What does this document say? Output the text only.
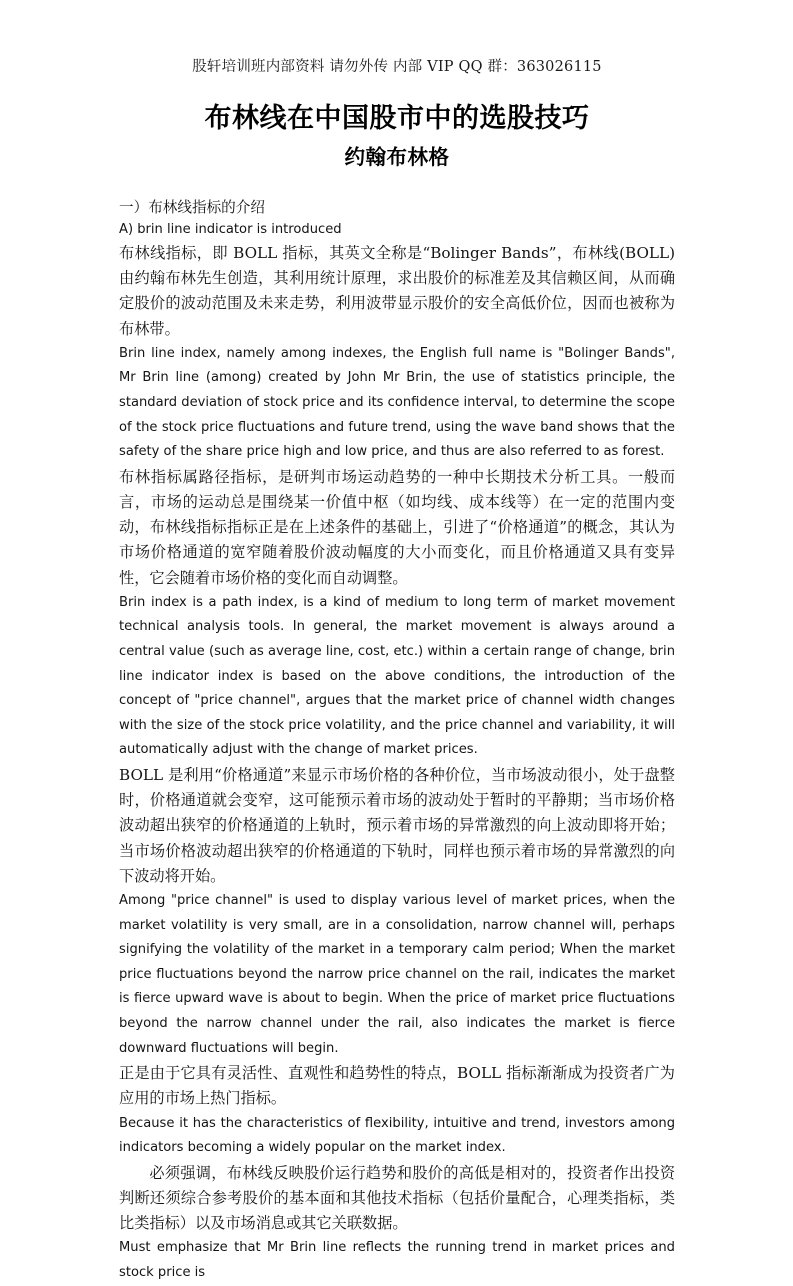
股轩培训班内部资料 请勿外传 内部 VIP QQ 群：363026115
布林线在中国股市中的选股技巧
约翰布林格

一）布林线指标的介绍

A) brin line indicator is introduced

布林线指标，即 BOLL 指标，其英文全称是“Bolinger Bands”，布林线(BOLL)由约翰布林先生创造，其利用统计原理，求出股价的标准差及其信赖区间，从而确定股价的波动范围及未来走势，利用波带显示股价的安全高低价位，因而也被称为布林带。

Brin line index, namely among indexes, the English full name is "Bolinger Bands", Mr Brin line (among) created by John Mr Brin, the use of statistics principle, the standard deviation of stock price and its confidence interval, to determine the scope of the stock price fluctuations and future trend, using the wave band shows that the safety of the share price high and low price, and thus are also referred to as forest.

布林指标属路径指标，是研判市场运动趋势的一种中长期技术分析工具。一般而言，市场的运动总是围绕某一价值中枢（如均线、成本线等）在一定的范围内变动，布林线指标指标正是在上述条件的基础上，引进了“价格通道”的概念，其认为市场价格通道的宽窄随着股价波动幅度的大小而变化，而且价格通道又具有变异性，它会随着市场价格的变化而自动调整。

Brin index is a path index, is a kind of medium to long term of market movement technical analysis tools. In general, the market movement is always around a central value (such as average line, cost, etc.) within a certain range of change, brin line indicator index is based on the above conditions, the introduction of the concept of "price channel", argues that the market price of channel width changes with the size of the stock price volatility, and the price channel and variability, it will automatically adjust with the change of market prices.

BOLL 是利用“价格通道”来显示市场价格的各种价位，当市场波动很小，处于盘整时，价格通道就会变窄，这可能预示着市场的波动处于暂时的平静期；当市场价格波动超出狭窄的价格通道的上轨时，预示着市场的异常激烈的向上波动即将开始；当市场价格波动超出狭窄的价格通道的下轨时，同样也预示着市场的异常激烈的向下波动将开始。

Among "price channel" is used to display various level of market prices, when the market volatility is very small, are in a consolidation, narrow channel will, perhaps signifying the volatility of the market in a temporary calm period; When the market price fluctuations beyond the narrow price channel on the rail, indicates the market is fierce upward wave is about to begin. When the price of market price fluctuations beyond the narrow channel under the rail, also indicates the market is fierce downward fluctuations will begin.

正是由于它具有灵活性、直观性和趋势性的特点，BOLL 指标渐渐成为投资者广为应用的市场上热门指标。

Because it has the characteristics of flexibility, intuitive and trend, investors among indicators becoming a widely popular on the market index.

必须强调，布林线反映股价运行趋势和股价的高低是相对的，投资者作出投资判断还须综合参考股价的基本面和其他技术指标（包括价量配合，心理类指标，类比类指标）以及市场消息或其它关联数据。

Must emphasize that Mr Brin line reflects the running trend in market prices and stock price is
